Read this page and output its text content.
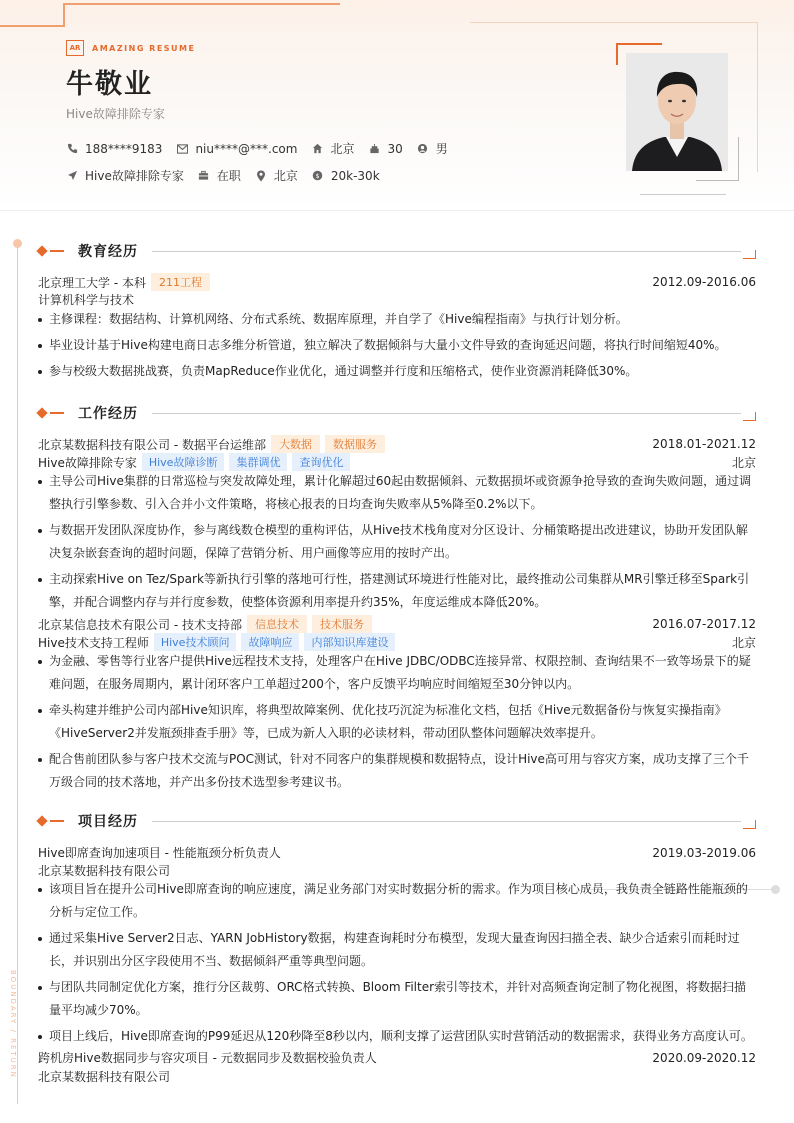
AR	AMAZING RESUME
牛敬业
Hive故障排除专家
188****9183	niu****@***.com	北京	30	男
Hive故障排除专家	在职	北京	$ 20k-30k
BOUNDARY / RETURN
教育经历
北京理工大学 - 本科	211工程	2012.09-2016.06
计算机科学与技术
主修课程：数据结构、计算机网络、分布式系统、数据库原理，并自学了《Hive编程指南》与执行计划分析。
毕业设计基于Hive构建电商日志多维分析管道，独立解决了数据倾斜与大量小文件导致的查询延迟问题，将执行时间缩短40%。
参与校级大数据挑战赛，负责MapReduce作业优化，通过调整并行度和压缩格式，使作业资源消耗降低30%。
工作经历
北京某数据科技有限公司 - 数据平台运维部	大数据	数据服务	2018.01-2021.12
Hive故障排除专家	Hive故障诊断	集群调优	查询优化	北京
主导公司Hive集群的日常巡检与突发故障处理，累计化解超过60起由数据倾斜、元数据损坏或资源争抢导致的查询失败问题，通过调整执行引擎参数、引入合并小文件策略，将核心报表的日均查询失败率从5%降至0.2%以下。
与数据开发团队深度协作，参与离线数仓模型的重构评估，从Hive技术栈角度对分区设计、分桶策略提出改进建议，协助开发团队解决复杂嵌套查询的超时问题，保障了营销分析、用户画像等应用的按时产出。
主动探索Hive on Tez/Spark等新执行引擎的落地可行性，搭建测试环境进行性能对比，最终推动公司集群从MR引擎迁移至Spark引擎，并配合调整内存与并行度参数，使整体资源利用率提升约35%，年度运维成本降低20%。
北京某信息技术有限公司 - 技术支持部	信息技术	技术服务	2016.07-2017.12
Hive技术支持工程师	Hive技术顾问	故障响应	内部知识库建设	北京
为金融、零售等行业客户提供Hive远程技术支持，处理客户在Hive JDBC/ODBC连接异常、权限控制、查询结果不一致等场景下的疑难问题，在服务周期内，累计闭环客户工单超过200个，客户反馈平均响应时间缩短至30分钟以内。
牵头构建并维护公司内部Hive知识库，将典型故障案例、优化技巧沉淀为标准化文档，包括《Hive元数据备份与恢复实操指南》《HiveServer2并发瓶颈排查手册》等，已成为新人入职的必读材料，带动团队整体问题解决效率提升。
配合售前团队参与客户技术交流与POC测试，针对不同客户的集群规模和数据特点，设计Hive高可用与容灾方案，成功支撑了三个千万级合同的技术落地，并产出多份技术选型参考建议书。
项目经历
Hive即席查询加速项目 - 性能瓶颈分析负责人	2019.03-2019.06
北京某数据科技有限公司
该项目旨在提升公司Hive即席查询的响应速度，满足业务部门对实时数据分析的需求。作为项目核心成员，我负责全链路性能瓶颈的分析与定位工作。
通过采集Hive Server2日志、YARN JobHistory数据，构建查询耗时分布模型，发现大量查询因扫描全表、缺少合适索引而耗时过长，并识别出分区字段使用不当、数据倾斜严重等典型问题。
与团队共同制定优化方案，推行分区裁剪、ORC格式转换、Bloom Filter索引等技术，并针对高频查询定制了物化视图，将数据扫描量平均减少70%。
项目上线后，Hive即席查询的P99延迟从120秒降至8秒以内，顺利支撑了运营团队实时营销活动的数据需求，获得业务方高度认可。
跨机房Hive数据同步与容灾项目 - 元数据同步及数据校验负责人	2020.09-2020.12
北京某数据科技有限公司
